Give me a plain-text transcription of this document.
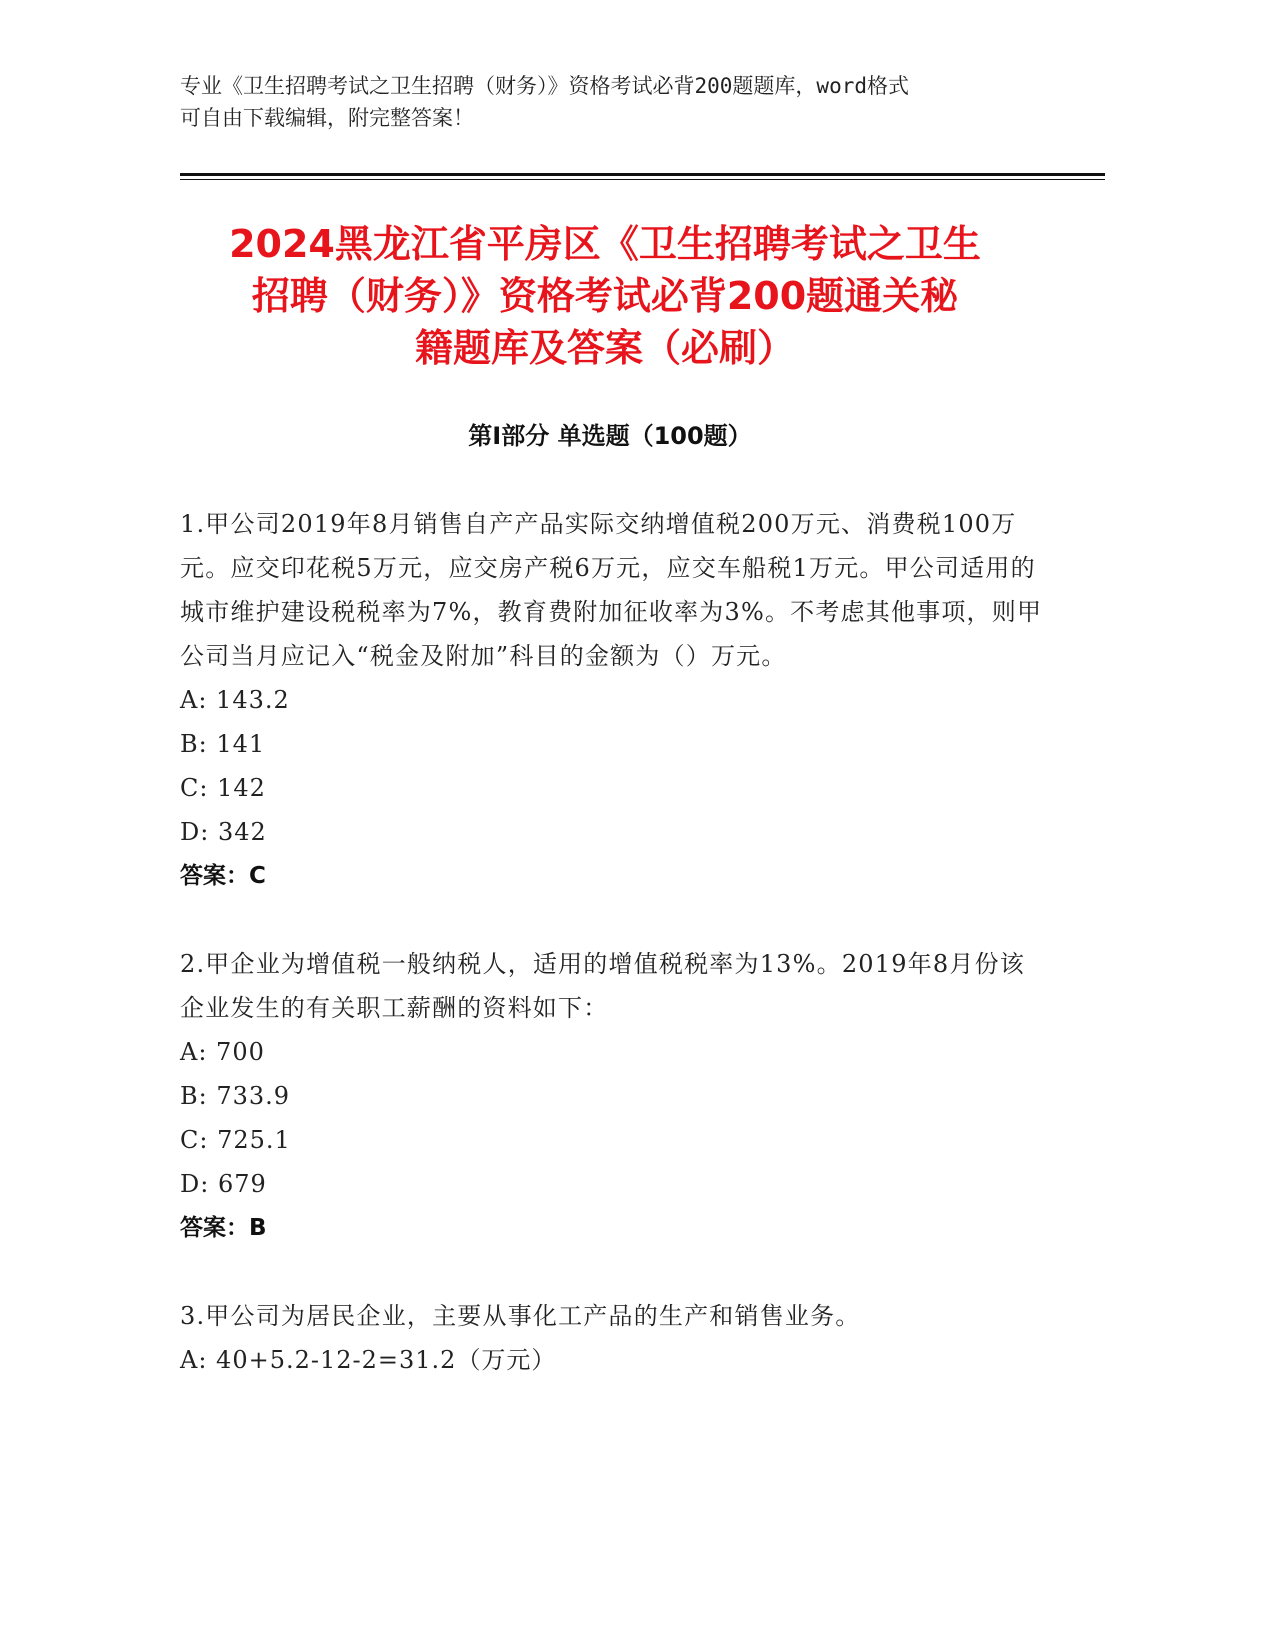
专业《卫生招聘考试之卫生招聘（财务）》资格考试必背200题题库，word格式
可自由下载编辑，附完整答案！
2024黑龙江省平房区《卫生招聘考试之卫生
招聘（财务）》资格考试必背200题通关秘
籍题库及答案（必刷）
第I部分 单选题（100题）
1.甲公司2019年8月销售自产产品实际交纳增值税200万元、消费税100万元。应交印花税5万元，应交房产税6万元，应交车船税1万元。甲公司适用的城市维护建设税税率为7%，教育费附加征收率为3%。不考虑其他事项，则甲公司当月应记入“税金及附加”科目的金额为（）万元。
A: 143.2
B: 141
C: 142
D: 342
答案：C
2.甲企业为增值税一般纳税人，适用的增值税税率为13%。2019年8月份该企业发生的有关职工薪酬的资料如下：
A: 700
B: 733.9
C: 725.1
D: 679
答案：B
3.甲公司为居民企业，主要从事化工产品的生产和销售业务。
A: 40+5.2-12-2=31.2（万元）
